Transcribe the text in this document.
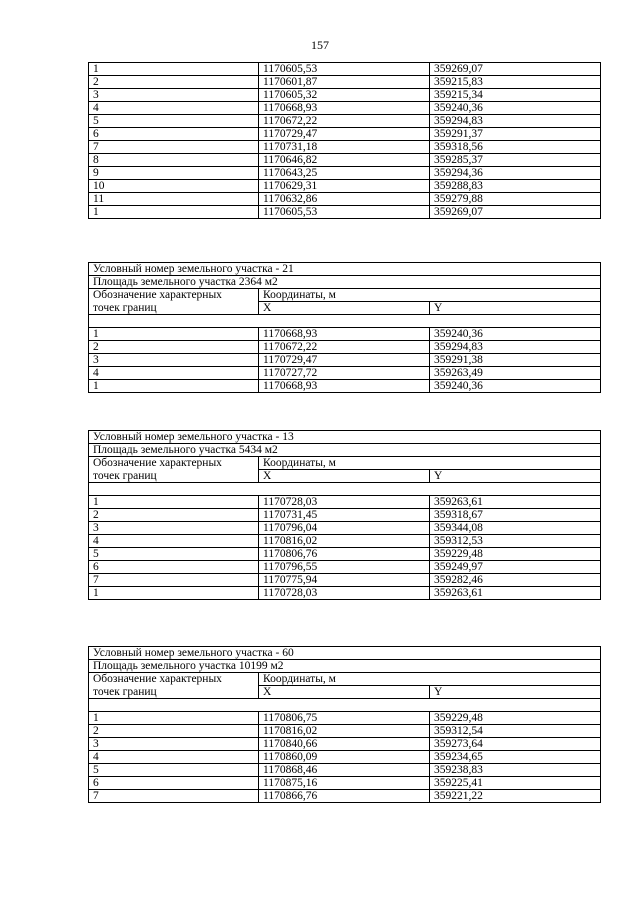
157
1	1170605,53	359269,07
2	1170601,87	359215,83
3	1170605,32	359215,34
4	1170668,93	359240,36
5	1170672,22	359294,83
6	1170729,47	359291,37
7	1170731,18	359318,56
8	1170646,82	359285,37
9	1170643,25	359294,36
10	1170629,31	359288,83
11	1170632,86	359279,88
1	1170605,53	359269,07
Условный номер земельного участка - 21		
Площадь земельного участка 2364 м2		
Обозначение характерных	Координаты, м	
точек границ	X	Y

1	1170668,93	359240,36
2	1170672,22	359294,83
3	1170729,47	359291,38
4	1170727,72	359263,49
1	1170668,93	359240,36
Условный номер земельного участка - 13		
Площадь земельного участка 5434 м2		
Обозначение характерных	Координаты, м	
точек границ	X	Y

1	1170728,03	359263,61
2	1170731,45	359318,67
3	1170796,04	359344,08
4	1170816,02	359312,53
5	1170806,76	359229,48
6	1170796,55	359249,97
7	1170775,94	359282,46
1	1170728,03	359263,61
Условный номер земельного участка - 60		
Площадь земельного участка 10199 м2		
Обозначение характерных	Координаты, м	
точек границ	X	Y

1	1170806,75	359229,48
2	1170816,02	359312,54
3	1170840,66	359273,64
4	1170860,09	359234,65
5	1170868,46	359238,83
6	1170875,16	359225,41
7	1170866,76	359221,22
